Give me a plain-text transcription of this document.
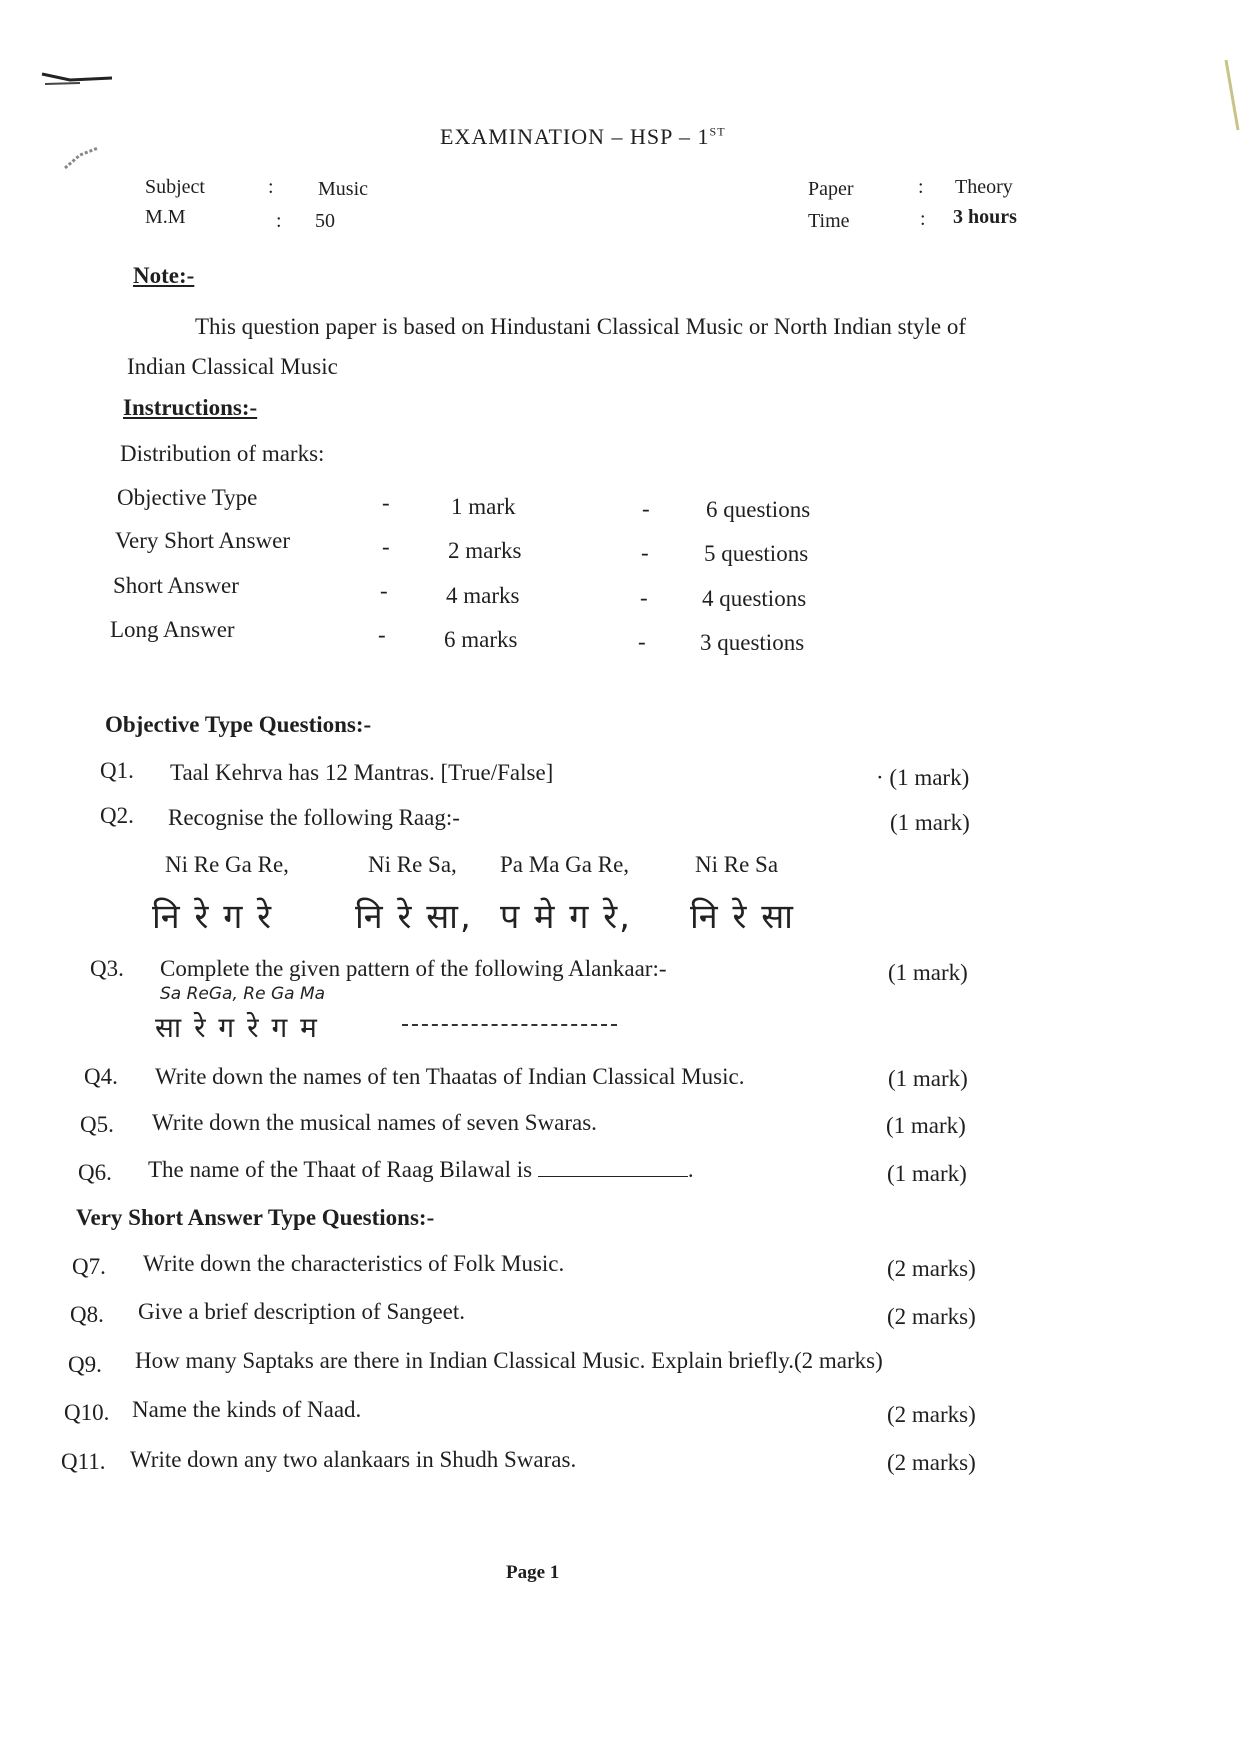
EXAMINATION – HSP – 1ST
Subject	: Music
M.M	: 50
Paper	: Theory
Time	: 3 hours
Note:-
This question paper is based on Hindustani Classical Music or North Indian style of
Indian Classical Music
Instructions:-
Distribution of marks:
Objective Type	-	1 mark	- 6 questions
Very Short Answer	-	2 marks	- 5 questions
Short Answer	-	4 marks	- 4 questions
Long Answer	-	6 marks	- 3 questions
Objective Type Questions:-
Q1. Taal Kehrva has 12 Mantras. [True/False]	· (1 mark)
Q2. Recognise the following Raag:-	(1 mark)
Ni Re Ga Re,	Ni Re Sa, Pa Ma Ga Re,	Ni Re Sa
नि रे ग रे नि रे सा, प मे ग रे, नि रे सा
Q3. Complete the given pattern of the following Alankaar:-	(1 mark)
Sa ReGa, Re Ga Ma
सा रे ग रे ग म
Q4. Write down the names of ten Thaatas of Indian Classical Music.	(1 mark)
Q5. Write down the musical names of seven Swaras.	(1 mark)
Q6. The name of the Thaat of Raag Bilawal is	.	(1 mark)
Very Short Answer Type Questions:-
Q7. Write down the characteristics of Folk Music.	(2 marks)
Q8. Give a brief description of Sangeet.	(2 marks)
Q9. How many Saptaks are there in Indian Classical Music. Explain briefly.(2 marks)
Q10. Name the kinds of Naad.	(2 marks)
Q11. Write down any two alankaars in Shudh Swaras.	(2 marks)
Page 1
